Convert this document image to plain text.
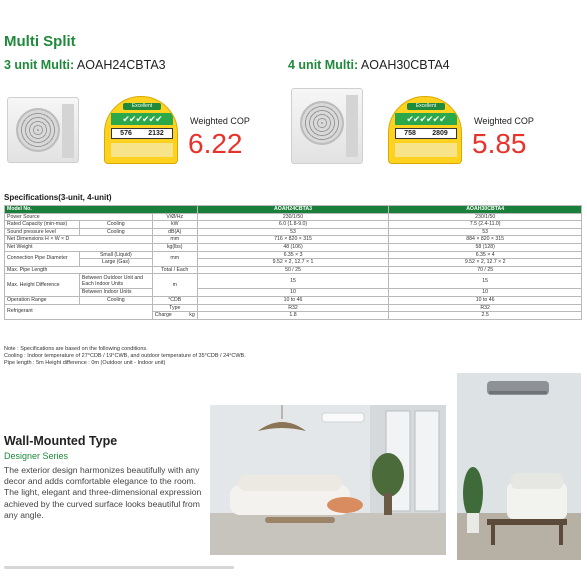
Multi Split
3 unit Multi: AOAH24CBTA3
Excellent
✔✔✔✔✔✔
576 2132
Weighted COP
6.22
4 unit Multi: AOAH30CBTA4
Excellent
✔✔✔✔✔✔
758 2809
Weighted COP
5.85
Specifications(3-unit, 4-unit)
Model No.			AOAH24CBTA3	AOAH30CBTA4
Power Source		V/Ø/Hz	230/1/50	230/1/50
Rated Capacity (min-max)	Cooling	kW	6.0 (1.8-9.0)	7.5 (2.4-11.0)
Sound pressure level	Cooling	dB(A)	53	53
Net Dimensions H × W × D		mm	716 × 820 × 315	884 × 820 × 315
Net Weight		kg(lbs)	48 (106)	58 (128)
Connection Pipe Diameter	Small (Liquid)	mm	6.35 × 3	6.35 × 4
	Large (Gas)		9.52 × 2, 12.7 × 1	9.52 × 2, 12.7 × 2
Max. Pipe Length		Total / Each	50 / 25	70 / 25
Max. Height Difference	Between Outdoor Unit and Each Indoor Units	m	15	15
	Between Indoor Units		10	10
Operation Range	Cooling	°CDB	10 to 46	10 to 46
Refrigerant		Type	R32	R32
		Charge kg	1.8	2.5
Note : Specifications are based on the following conditions.
Cooling : Indoor temperature of 27°CDB / 19°CWB, and outdoor temperature of 35°CDB / 24°CWB.
Pipe length : 5m Height difference : 0m (Outdoor unit - Indoor unit)
Wall-Mounted Type
Designer Series
The exterior design harmonizes beautifully with any decor and adds comfortable elegance to the room. The light, elegant and three-dimensional expression achieved by the curved surface looks beautiful from any angle.
